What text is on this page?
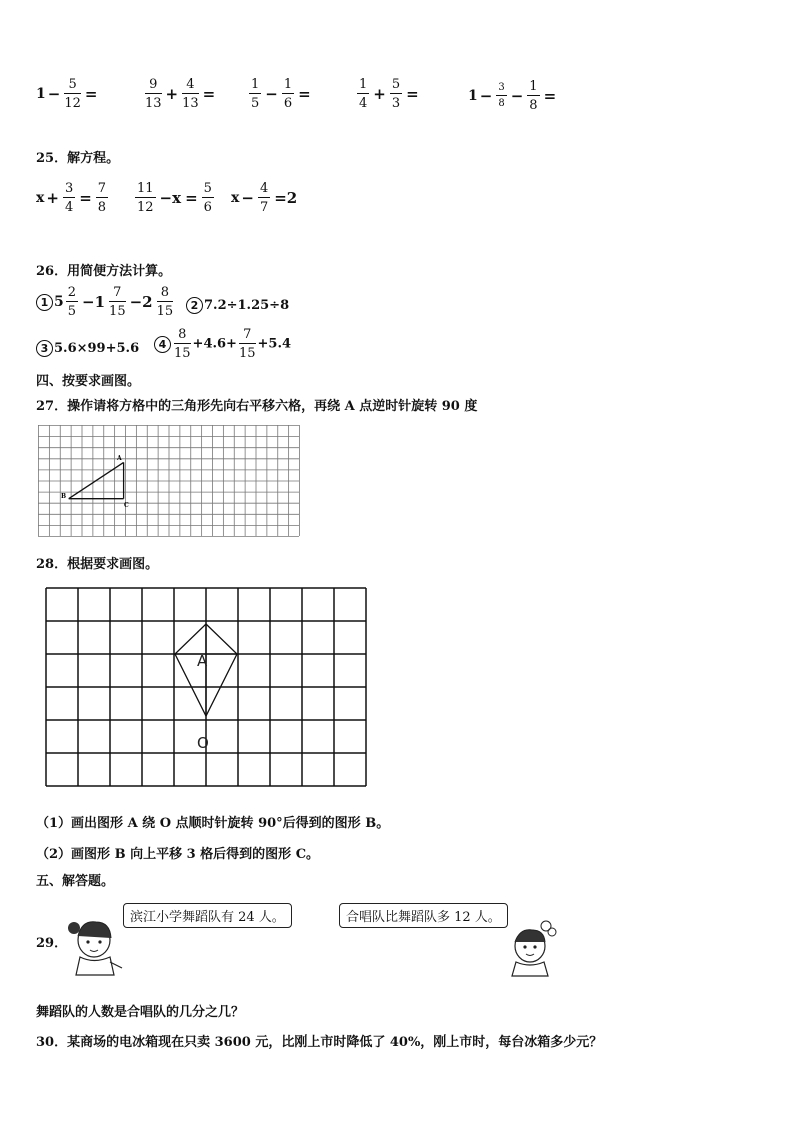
$1 - \frac{5}{12}$ =	$\frac{9}{13} + \frac{4}{13}$ =	$\frac{1}{5} - \frac{1}{6}$ =	$\frac{1}{4} + \frac{5}{3}$ =	$1 - \frac{3}{8} - \frac{1}{8}$ =
25．解方程。
$x + \frac{3}{4} = \frac{7}{8} \frac{11}{12} -x = \frac{5}{6}$ $x - \frac{4}{7} =2$
26．用简便方法计算。
1 $5 \frac{2}{5} -1 \frac{7}{15} -2 \frac{8}{15}$	2 7.2÷1.25÷8
3 5.6×99+5.6	$4 \frac{8}{15} +4.6+ \frac{7}{15} +5.4$
四、按要求画图。
27．操作请将方格中的三角形先向右平移六格，再绕 A 点逆时针旋转 90 度
A
B
C
28．根据要求画图。
A
O
（1）画出图形 A 绕 O 点顺时针旋转 90°后得到的图形 B。
（2）画图形 B 向上平移 3 格后得到的图形 C。
五、解答题。
29．
滨江小学舞蹈队有 24 人。	合唱队比舞蹈队多 12 人。
舞蹈队的人数是合唱队的几分之几？
30．某商场的电冰箱现在只卖 3600 元，比刚上市时降低了 40%，刚上市时，每台冰箱多少元？
